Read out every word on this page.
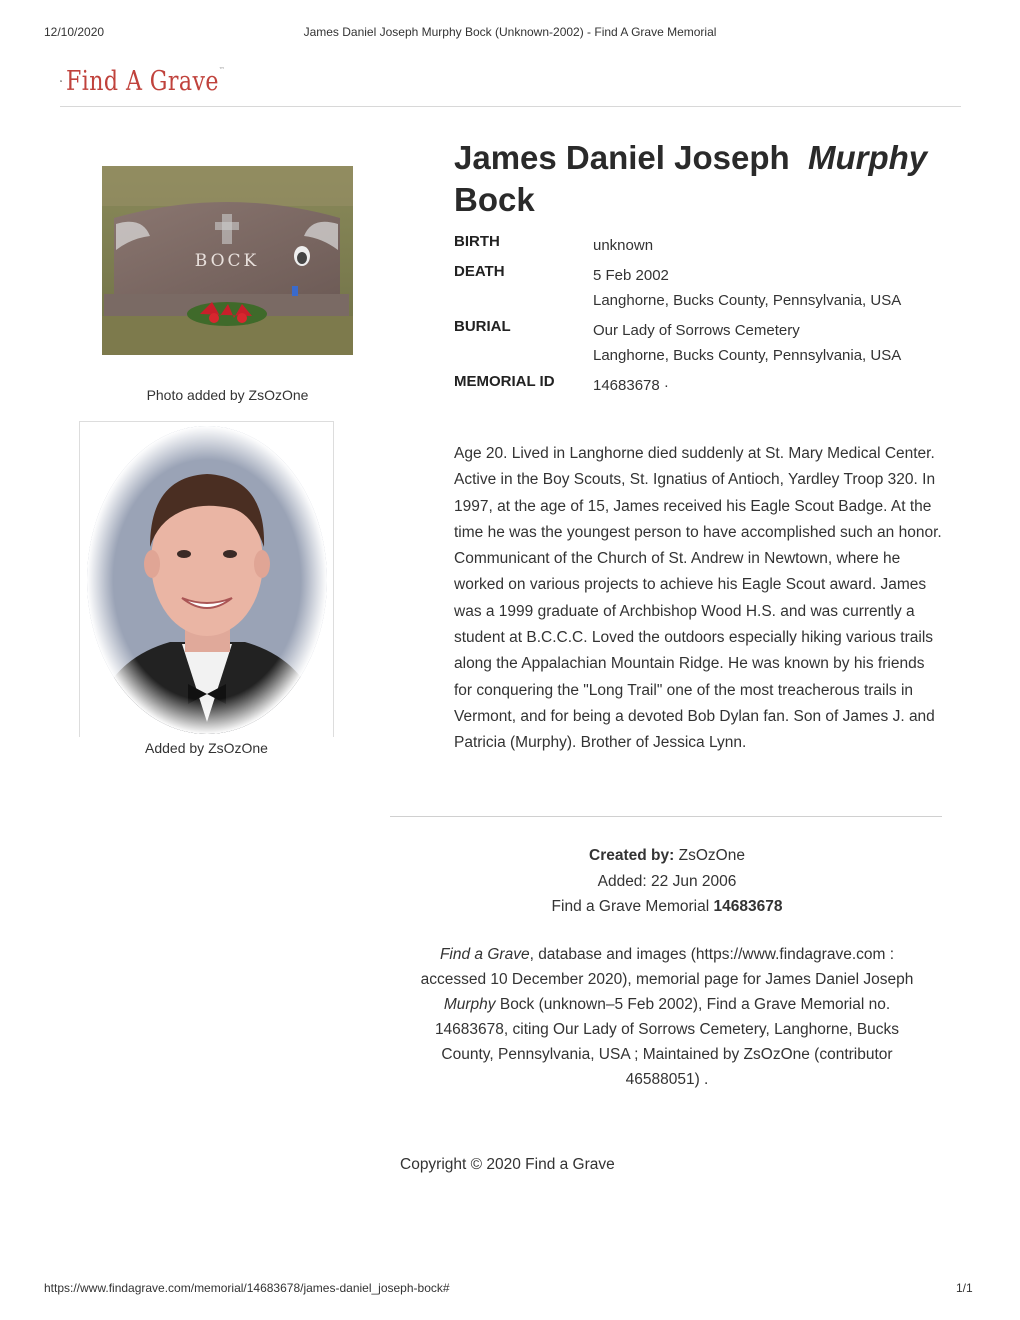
12/10/2020	James Daniel Joseph Murphy Bock (Unknown-2002) - Find A Grave Memorial
Find A Grave™
BOCK
Photo added by ZsOzOne
Added by ZsOzOne
James Daniel Joseph Murphy
Bock
BIRTH	unknown
DEATH	5 Feb 2002
Langhorne, Bucks County, Pennsylvania, USA
BURIAL	Our Lady of Sorrows Cemetery
Langhorne, Bucks County, Pennsylvania, USA
MEMORIAL ID	14683678 ·
Age 20. Lived in Langhorne died suddenly at St. Mary Medical Center. Active in the Boy Scouts, St. Ignatius of Antioch, Yardley Troop 320. In 1997, at the age of 15, James received his Eagle Scout Badge. At the time he was the youngest person to have accomplished such an honor. Communicant of the Church of St. Andrew in Newtown, where he worked on various projects to achieve his Eagle Scout award. James was a 1999 graduate of Archbishop Wood H.S. and was currently a student at B.C.C.C. Loved the outdoors especially hiking various trails along the Appalachian Mountain Ridge. He was known by his friends for conquering the "Long Trail" one of the most treacherous trails in Vermont, and for being a devoted Bob Dylan fan. Son of James J. and Patricia (Murphy). Brother of Jessica Lynn.
Created by: ZsOzOne
Added: 22 Jun 2006
Find a Grave Memorial 14683678
Find a Grave, database and images (https://www.findagrave.com : accessed 10 December 2020), memorial page for James Daniel Joseph Murphy Bock (unknown–5 Feb 2002), Find a Grave Memorial no. 14683678, citing Our Lady of Sorrows Cemetery, Langhorne, Bucks County, Pennsylvania, USA ; Maintained by ZsOzOne (contributor 46588051) .
Copyright © 2020 Find a Grave
https://www.findagrave.com/memorial/14683678/james-daniel_joseph-bock#	1/1
